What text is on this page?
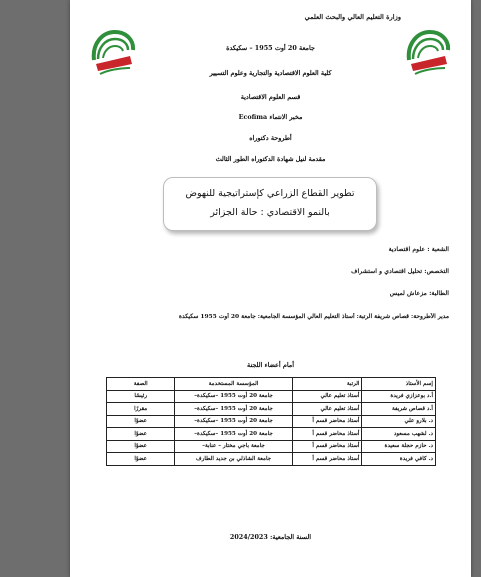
وزارة التعليم العالي والبحث العلمي

جامعة 20 أوت 1955 – سكيكدة

كلية العلوم الاقتصادية والتجارية وعلوم التسيير

قسم العلوم الاقتصادية

مخبر الانتماء Ecofima

أطروحة دكتوراه

مقدمة لنيل شهادة الدكتوراه الطور الثالث

تطوير القطاع الزراعي كإستراتيجية للنهوض
بالنمو الاقتصادي : حالة الجزائر
الشعبة : علوم اقتصادية
التخصص: تحليل اقتصادي و استشراف
الطالبة: مزعاش لميس
مدير الأطروحة: قصاص شريفة الرتبة: أستاذ التعليم العالي المؤسسة الجامعية: جامعة 20 أوت 1955 سكيكدة
أمام أعضاء اللجنة
إسم الأستاذ	الرتبة	المؤسسة المستخدمة	الصفة
أ.د بوعزازي فريدة	أستاذ تعليم عالي	جامعة 20 أوت 1955 –سكيكدة–	رئيسًا
أ.د قصاص شريفة	أستاذ تعليم عالي	جامعة 20 أوت 1955 –سكيكدة–	مقررًا
د. بلارو علي	أستاذ محاضر قسم أ	جامعة 20 أوت 1955 –سكيكدة–	عضوًا
د. لشهب مسعود	أستاذ محاضر قسم أ	جامعة 20 أوت 1955 –سكيكدة–	عضوًا
د. حازم حجلة سعيدة	أستاذ محاضر قسم أ	جامعة باجي مختار – عنابة–	عضوًا
د. كافي فريدة	أستاذ محاضر قسم أ	جامعة الشاذلي بن جديد الطارف	عضوًا
السنة الجامعية: 2024/2023
